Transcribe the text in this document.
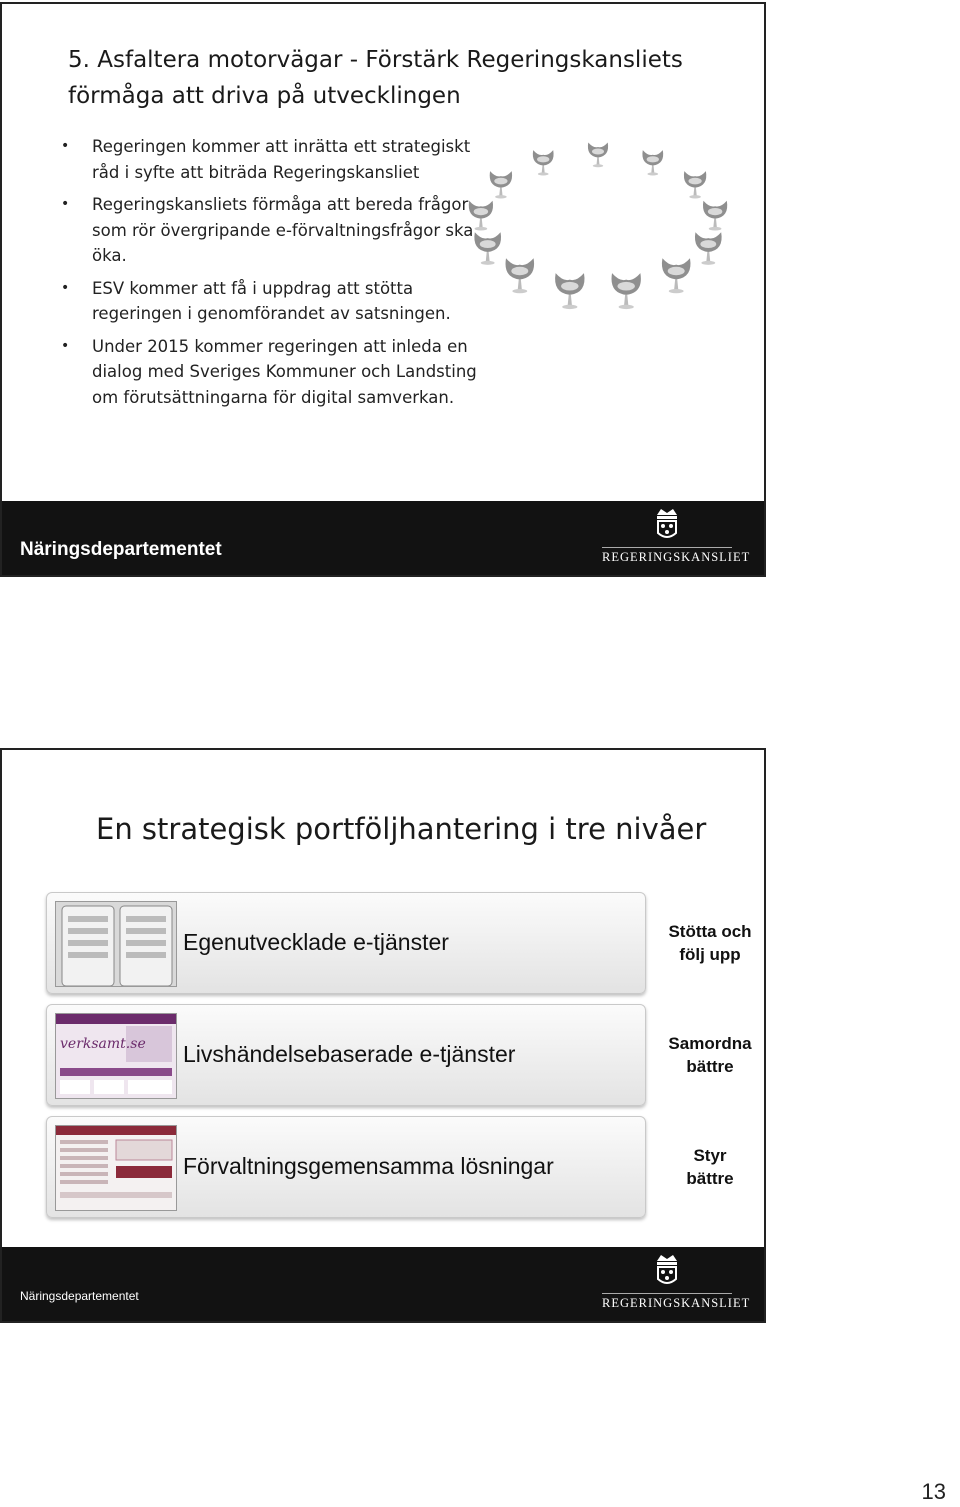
5. Asfaltera motorvägar - Förstärk Regeringskansliets förmåga att driva på utvecklingen
• Regeringen kommer att inrätta ett strategiskt råd i syfte att biträda Regeringskansliet
• Regeringskansliets förmåga att bereda frågor som rör övergripande e-förvaltningsfrågor ska öka.
• ESV kommer att få i uppdrag att stötta regeringen i genomförandet av satsningen.
• Under 2015 kommer regeringen att inleda en dialog med Sveriges Kommuner och Landsting om förutsättningarna för digital samverkan.
Näringsdepartementet	REGERINGSKANSLIET
En strategisk portföljhantering i tre nivåer
Egenutvecklade e-tjänster	Stötta och
följ upp
verksamt.se Livshändelsebaserade e-tjänster	Samordna
bättre
Förvaltningsgemensamma lösningar	Styr
bättre
Näringsdepartementet	REGERINGSKANSLIET
13
